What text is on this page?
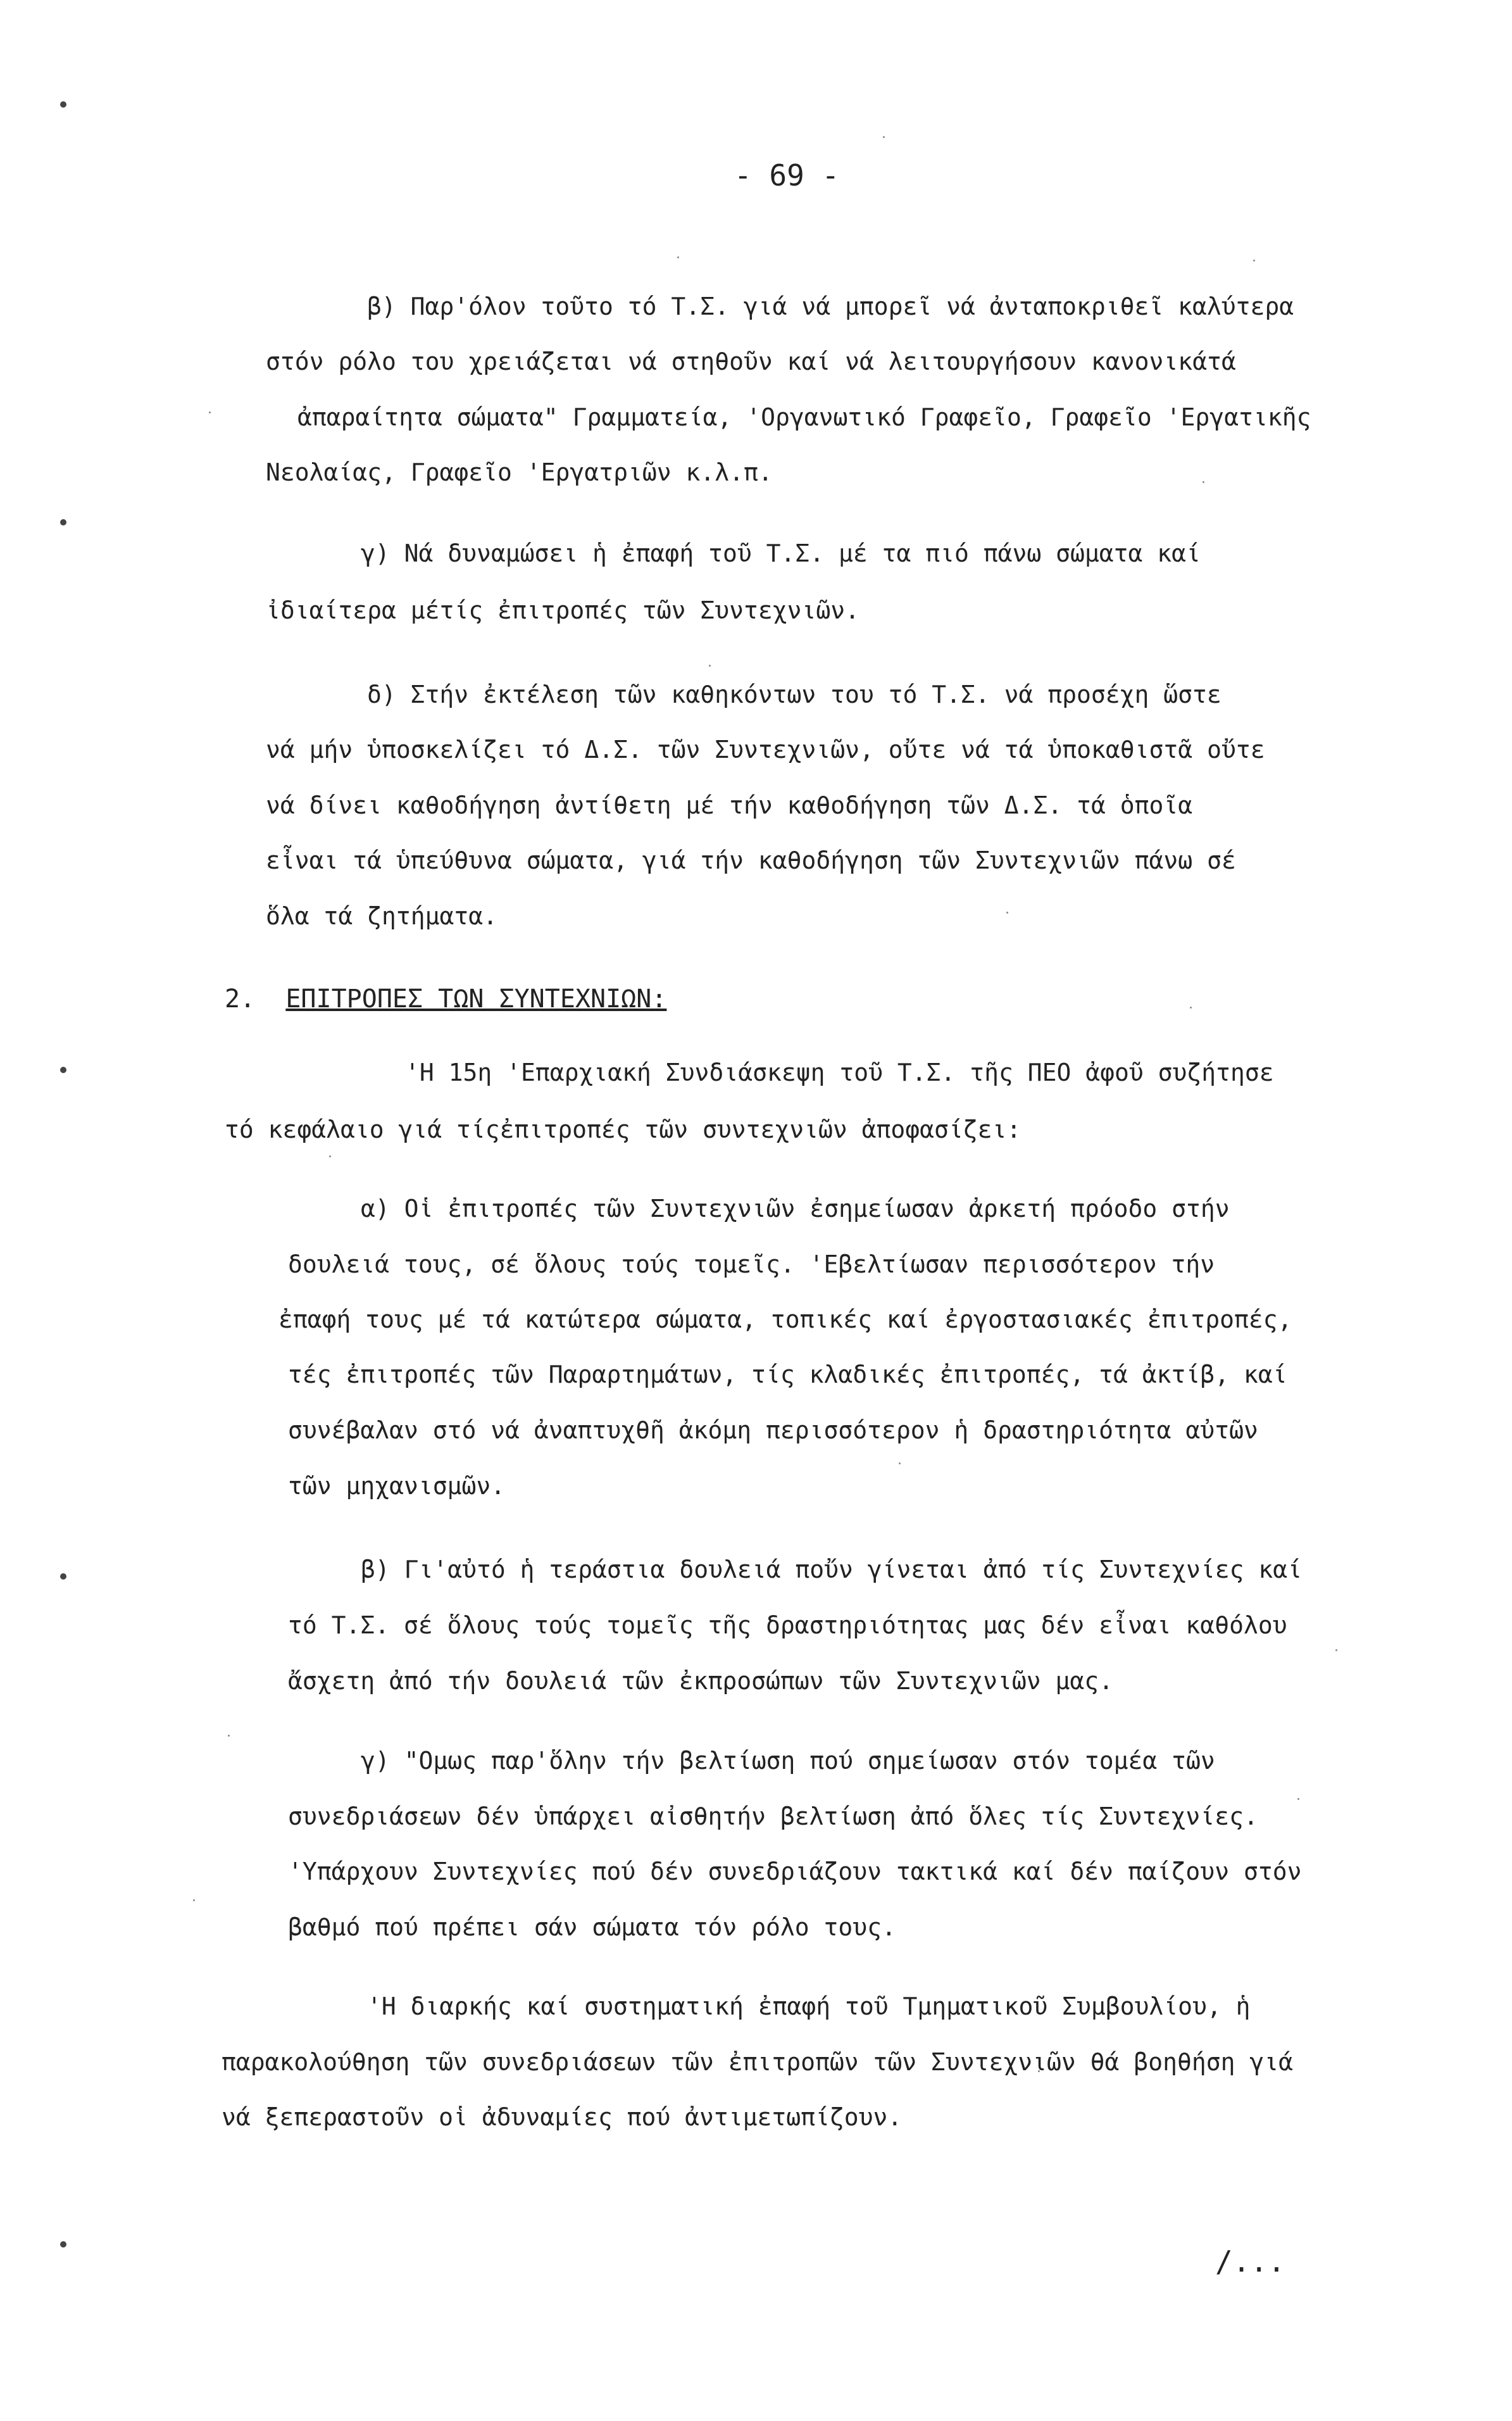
- 69 -
β) Παρ'όλον τοῦτο τό Τ.Σ. γιά νά μπορεῖ νά ἀνταποκριθεῖ καλύτερα
στόν ρόλο του χρειάζεται νά στηθοῦν καί νά λειτουργήσουν κανονικάτά
ἀπαραίτητα σώματα" Γραμματεία, 'Οργανωτικό Γραφεῖο, Γραφεῖο 'Εργατικῆς
Νεολαίας, Γραφεῖο 'Εργατριῶν κ.λ.π.
γ) Νά δυναμώσει ἡ ἐπαφή τοῦ Τ.Σ. μέ τα πιό πάνω σώματα καί
ἰδιαίτερα μέτίς ἐπιτροπές τῶν Συντεχνιῶν.
δ) Στήν ἐκτέλεση τῶν καθηκόντων του τό Τ.Σ. νά προσέχη ὥστε
νά μήν ὑποσκελίζει τό Δ.Σ. τῶν Συντεχνιῶν, οὔτε νά τά ὑποκαθιστᾶ οὔτε
νά δίνει καθοδήγηση ἀντίθετη μέ τήν καθοδήγηση τῶν Δ.Σ. τά ὁποῖα
εἶναι τά ὑπεύθυνα σώματα, γιά τήν καθοδήγηση τῶν Συντεχνιῶν πάνω σέ
ὅλα τά ζητήματα.
2. ΕΠΙΤΡΟΠΕΣ ΤΩΝ ΣΥΝΤΕΧΝΙΩΝ:
'Η 15η 'Επαρχιακή Συνδιάσκεψη τοῦ Τ.Σ. τῆς ΠΕΟ ἀφοῦ συζήτησε
τό κεφάλαιο γιά τίςἐπιτροπές τῶν συντεχνιῶν ἀποφασίζει:
α) Οἱ ἐπιτροπές τῶν Συντεχνιῶν ἐσημείωσαν ἀρκετή πρόοδο στήν
δουλειά τους, σέ ὅλους τούς τομεῖς. 'Εβελτίωσαν περισσότερον τήν
ἐπαφή τους μέ τά κατώτερα σώματα, τοπικές καί ἐργοστασιακές ἐπιτροπές,
τές ἐπιτροπές τῶν Παραρτημάτων, τίς κλαδικές ἐπιτροπές, τά ἀκτίβ, καί
συνέβαλαν στό νά ἀναπτυχθῆ ἀκόμη περισσότερον ἡ δραστηριότητα αὐτῶν
τῶν μηχανισμῶν.
β) Γι'αὐτό ἡ τεράστια δουλειά ποὔν γίνεται ἀπό τίς Συντεχνίες καί
τό Τ.Σ. σέ ὅλους τούς τομεῖς τῆς δραστηριότητας μας δέν εἶναι καθόλου
ἄσχετη ἀπό τήν δουλειά τῶν ἐκπροσώπων τῶν Συντεχνιῶν μας.
γ) "Ομως παρ'ὅλην τήν βελτίωση πού σημείωσαν στόν τομέα τῶν
συνεδριάσεων δέν ὑπάρχει αἰσθητήν βελτίωση ἀπό ὅλες τίς Συντεχνίες.
'Υπάρχουν Συντεχνίες πού δέν συνεδριάζουν τακτικά καί δέν παίζουν στόν
βαθμό πού πρέπει σάν σώματα τόν ρόλο τους.
'Η διαρκής καί συστηματική ἐπαφή τοῦ Τμηματικοῦ Συμβουλίου, ἡ
παρακολούθηση τῶν συνεδριάσεων τῶν ἐπιτροπῶν τῶν Συντεχνιῶν θά βοηθήση γιά
νά ξεπεραστοῦν οἱ ἀδυναμίες πού ἀντιμετωπίζουν.
/...
